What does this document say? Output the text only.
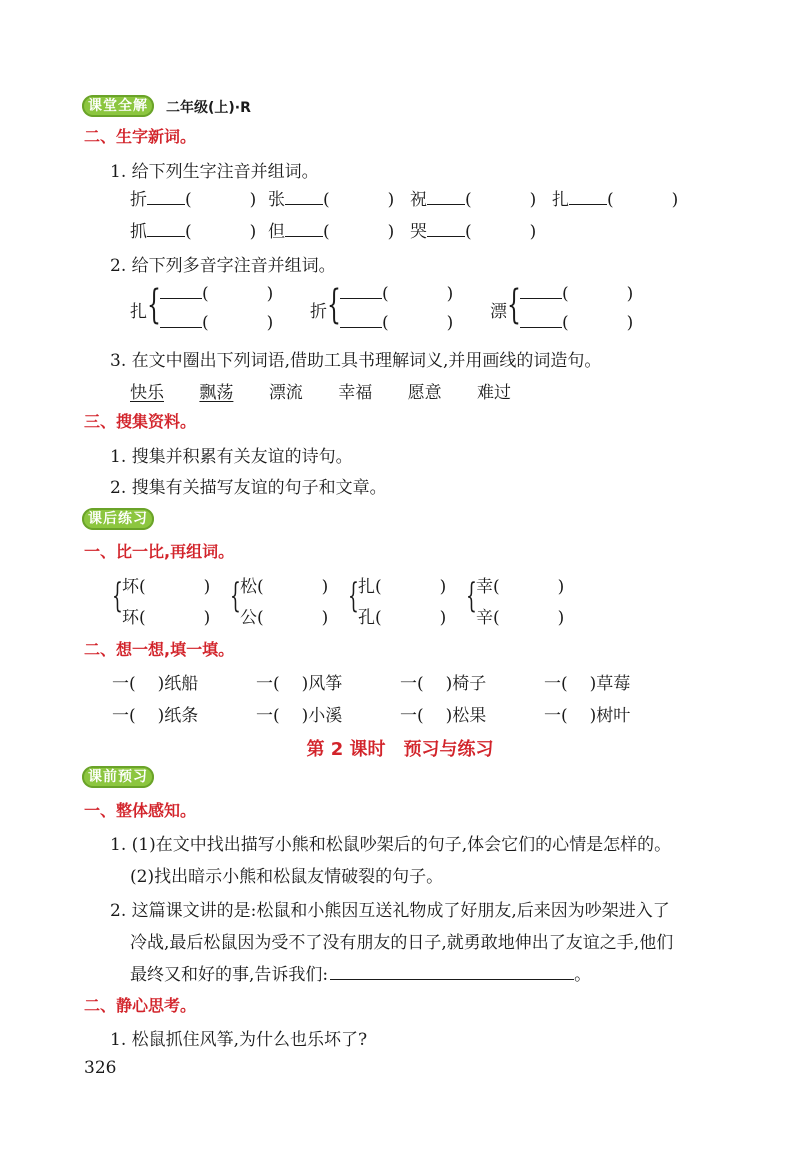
课堂全解	二年级(上)·R
二、生字新词。
1. 给下列生字注音并组词。
折 (	) 张 (	) 祝 (	) 扎 (	)
抓 (	) 但 (	) 哭 (	)
2. 给下列多音字注音并组词。
扎 {	(	)
(	)
折 {	(	)
(	)
漂 {	(	)
(	)
3. 在文中圈出下列词语,借助工具书理解词义,并用画线的词造句。
快乐 飘荡 漂流 幸福 愿意 难过
三、搜集资料。
1. 搜集并积累有关友谊的诗句。
2. 搜集有关描写友谊的句子和文章。
课后练习
一、比一比,再组词。
{ 坏(	)
环(	)
{ 松(	)
公(	)
{ 扎(	)
孔(	)
{ 幸(	)
辛(	)
二、想一想,填一填。
一( )纸船	一( )风筝	一( )椅子	一( )草莓
一( )纸条	一( )小溪	一( )松果	一( )树叶
第 2 课时　预习与练习
课前预习
一、整体感知。
1. (1)在文中找出描写小熊和松鼠吵架后的句子,体会它们的心情是怎样的。
(2)找出暗示小熊和松鼠友情破裂的句子。
2. 这篇课文讲的是:松鼠和小熊因互送礼物成了好朋友,后来因为吵架进入了
冷战,最后松鼠因为受不了没有朋友的日子,就勇敢地伸出了友谊之手,他们
最终又和好的事,告诉我们:	。
二、静心思考。
1. 松鼠抓住风筝,为什么也乐坏了?
326
